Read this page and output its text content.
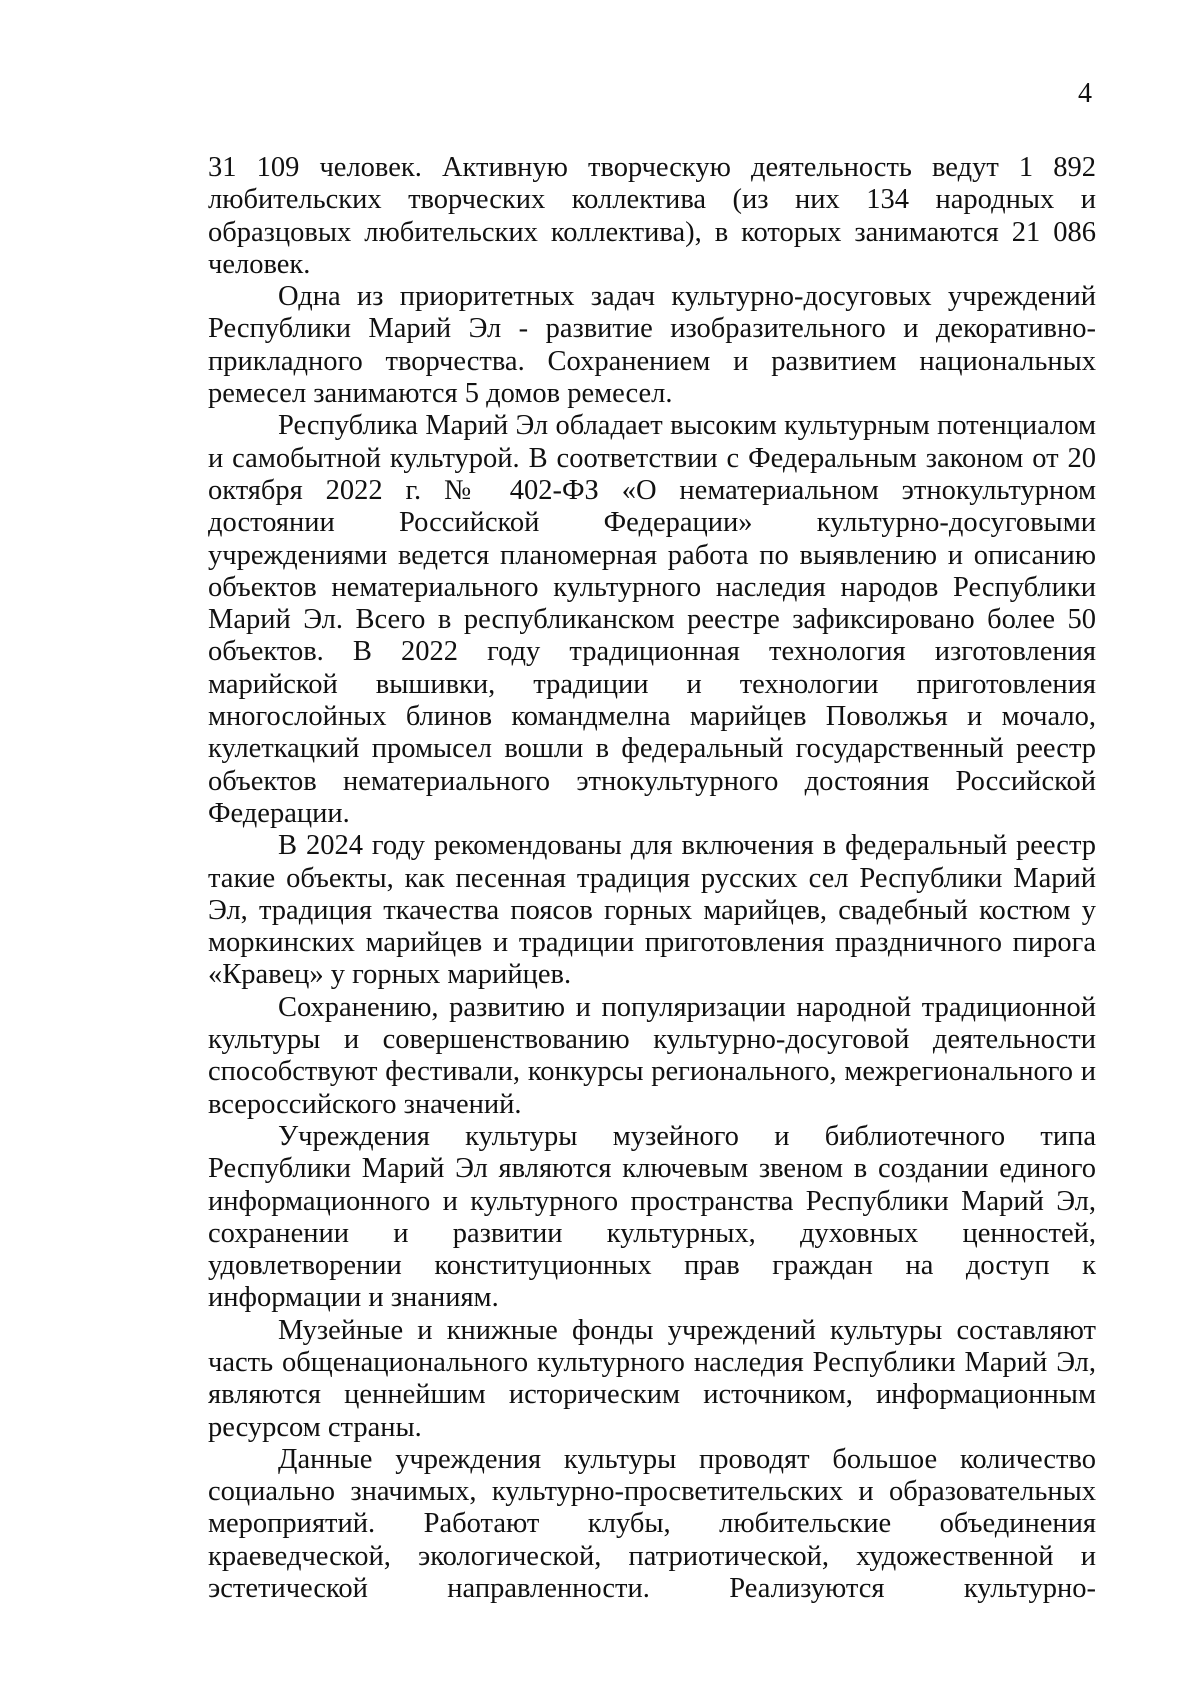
4

31 109 человек. Активную творческую деятельность ведут 1 892 любительских творческих коллектива (из них 134 народных и образцовых любительских коллектива), в которых занимаются 21 086 человек.

Одна из приоритетных задач культурно-досуговых учреждений Республики Марий Эл - развитие изобразительного и декоративно-прикладного творчества. Сохранением и развитием национальных ремесел занимаются 5 домов ремесел.

Республика Марий Эл обладает высоким культурным потенциалом и самобытной культурой. В соответствии с Федеральным законом от 20 октября 2022 г. № 402-ФЗ «О нематериальном этнокультурном достоянии Российской Федерации» культурно-досуговыми учреждениями ведется планомерная работа по выявлению и описанию объектов нематериального культурного наследия народов Республики Марий Эл. Всего в республиканском реестре зафиксировано более 50 объектов. В 2022 году традиционная технология изготовления марийской вышивки, традиции и технологии приготовления многослойных блинов командмелна марийцев Поволжья и мочало, кулеткацкий промысел вошли в федеральный государственный реестр объектов нематериального этнокультурного достояния Российской Федерации.

В 2024 году рекомендованы для включения в федеральный реестр такие объекты, как песенная традиция русских сел Республики Марий Эл, традиция ткачества поясов горных марийцев, свадебный костюм у моркинских марийцев и традиции приготовления праздничного пирога «Кравец» у горных марийцев.

Сохранению, развитию и популяризации народной традиционной культуры и совершенствованию культурно-досуговой деятельности способствуют фестивали, конкурсы регионального, межрегионального и всероссийского значений.

Учреждения культуры музейного и библиотечного типа Республики Марий Эл являются ключевым звеном в создании единого информационного и культурного пространства Республики Марий Эл, сохранении и развитии культурных, духовных ценностей, удовлетворении конституционных прав граждан на доступ к информации и знаниям.

Музейные и книжные фонды учреждений культуры составляют часть общенационального культурного наследия Республики Марий Эл, являются ценнейшим историческим источником, информационным ресурсом страны.

Данные учреждения культуры проводят большое количество социально значимых, культурно-просветительских и образовательных мероприятий. Работают клубы, любительские объединения краеведческой, экологической, патриотической, художественной и эстетической направленности. Реализуются культурно-
